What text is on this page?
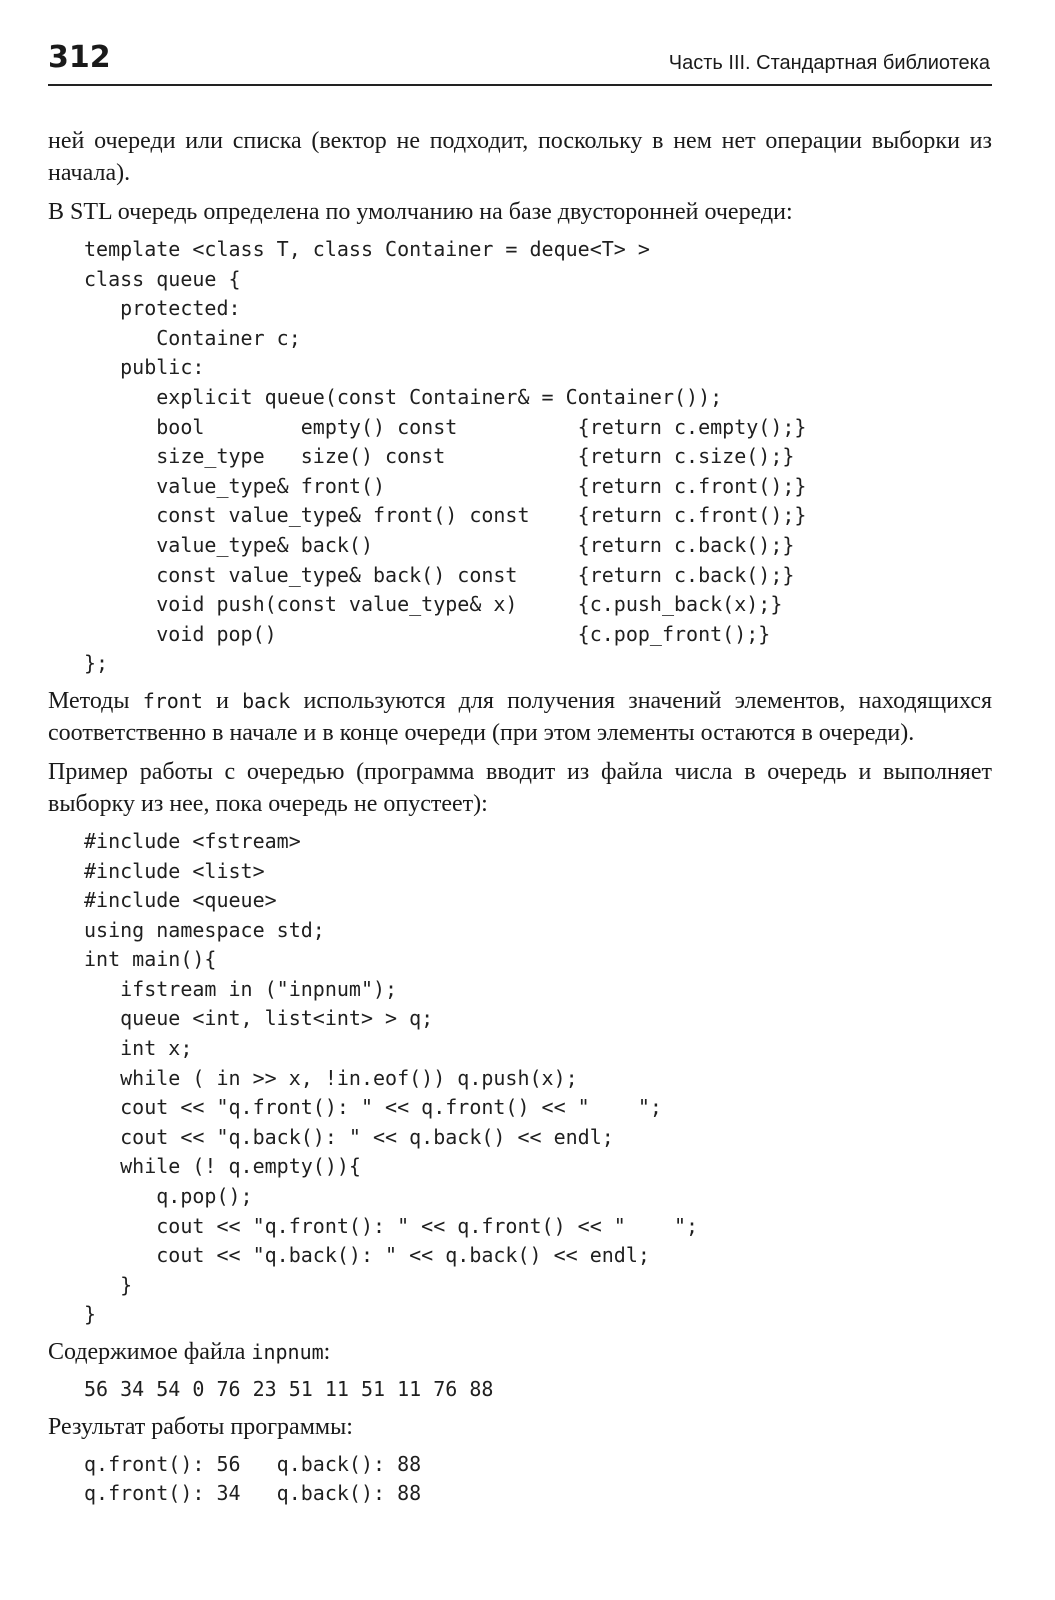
312	Часть III. Стандартная библиотека

ней очереди или списка (вектор не подходит, поскольку в нем нет операции выборки из начала).

В STL очередь определена по умолчанию на базе двусторонней очереди:

template <class T, class Container = deque<T> >
class queue {
protected:
Container c;
public:
explicit queue(const Container& = Container());
bool        empty() const          {return c.empty();}
size_type   size() const           {return c.size();}
value_type& front()                {return c.front();}
const value_type& front() const    {return c.front();}
value_type& back()                 {return c.back();}
const value_type& back() const     {return c.back();}
void push(const value_type& x)     {c.push_back(x);}
void pop()                         {c.pop_front();}
};

Методы front и back используются для получения значений элементов, находящихся соответственно в начале и в конце очереди (при этом элементы остаются в очереди).

Пример работы с очередью (программа вводит из файла числа в очередь и выполняет выборку из нее, пока очередь не опустеет):

#include <fstream>
#include <list>
#include <queue>
using namespace std;
int main(){
ifstream in ("inpnum");
queue <int, list<int> > q;
int x;
while ( in >> x, !in.eof()) q.push(x);
cout << "q.front(): " << q.front() << "    ";
cout << "q.back(): " << q.back() << endl;
while (! q.empty()){
q.pop();
cout << "q.front(): " << q.front() << "    ";
cout << "q.back(): " << q.back() << endl;
}
}

Содержимое файла inpnum:

56 34 54 0 76 23 51 11 51 11 76 88

Результат работы программы:

q.front(): 56   q.back(): 88
q.front(): 34   q.back(): 88
